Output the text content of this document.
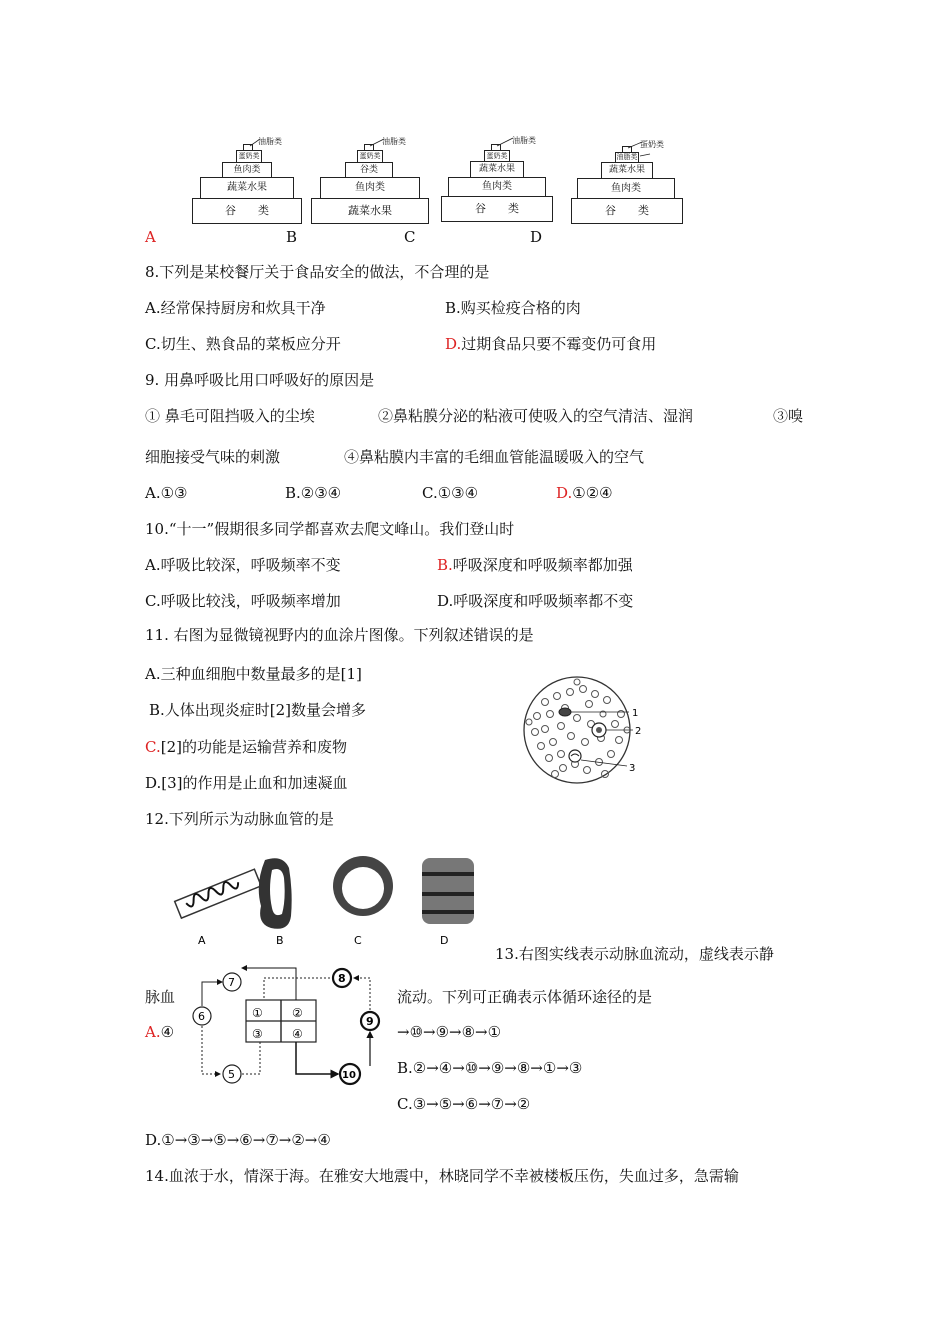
谷　　类
蔬菜水果
鱼肉类
蛋奶类
油脂类
蔬菜水果
鱼肉类
谷类
蛋奶类
油脂类
谷　　类
鱼肉类
蔬菜水果
蛋奶类
油脂类
谷　　类
鱼肉类
蔬菜水果
油脂类
蛋奶类
A	B	C	D
8.下列是某校餐厅关于食品安全的做法，不合理的是
A.经常保持厨房和炊具干净	B.购买检疫合格的肉
C.切生、熟食品的菜板应分开	D.过期食品只要不霉变仍可食用
9. 用鼻呼吸比用口呼吸好的原因是
① 鼻毛可阻挡吸入的尘埃	②鼻粘膜分泌的粘液可使吸入的空气清洁、湿润	③嗅
细胞接受气味的刺激	④鼻粘膜内丰富的毛细血管能温暖吸入的空气
A.①③	B.②③④	C.①③④	D.①②④
10.“十一”假期很多同学都喜欢去爬文峰山。我们登山时
A.呼吸比较深，呼吸频率不变	B.呼吸深度和呼吸频率都加强
C.呼吸比较浅，呼吸频率增加	D.呼吸深度和呼吸频率都不变
11. 右图为显微镜视野内的血涂片图像。下列叙述错误的是
A.三种血细胞中数量最多的是[1]
B.人体出现炎症时[2]数量会增多
C.[2]的功能是运输营养和废物
D.[3]的作用是止血和加速凝血
1
2
3
12.下列所示为动脉血管的是
A	B	C	D
13.右图实线表示动脉血流动，虚线表示静
脉血	流动。下列可正确表示体循环途径的是
A.④	→⑩→⑨→⑧→①
B.②→④→⑩→⑨→⑧→①→③
C.③→⑤→⑥→⑦→②
D.①→③→⑤→⑥→⑦→②→④
① ②
③ ④
7	8
6	9
5	10
14.血浓于水，情深于海。在雅安大地震中，林晓同学不幸被楼板压伤，失血过多，急需输
